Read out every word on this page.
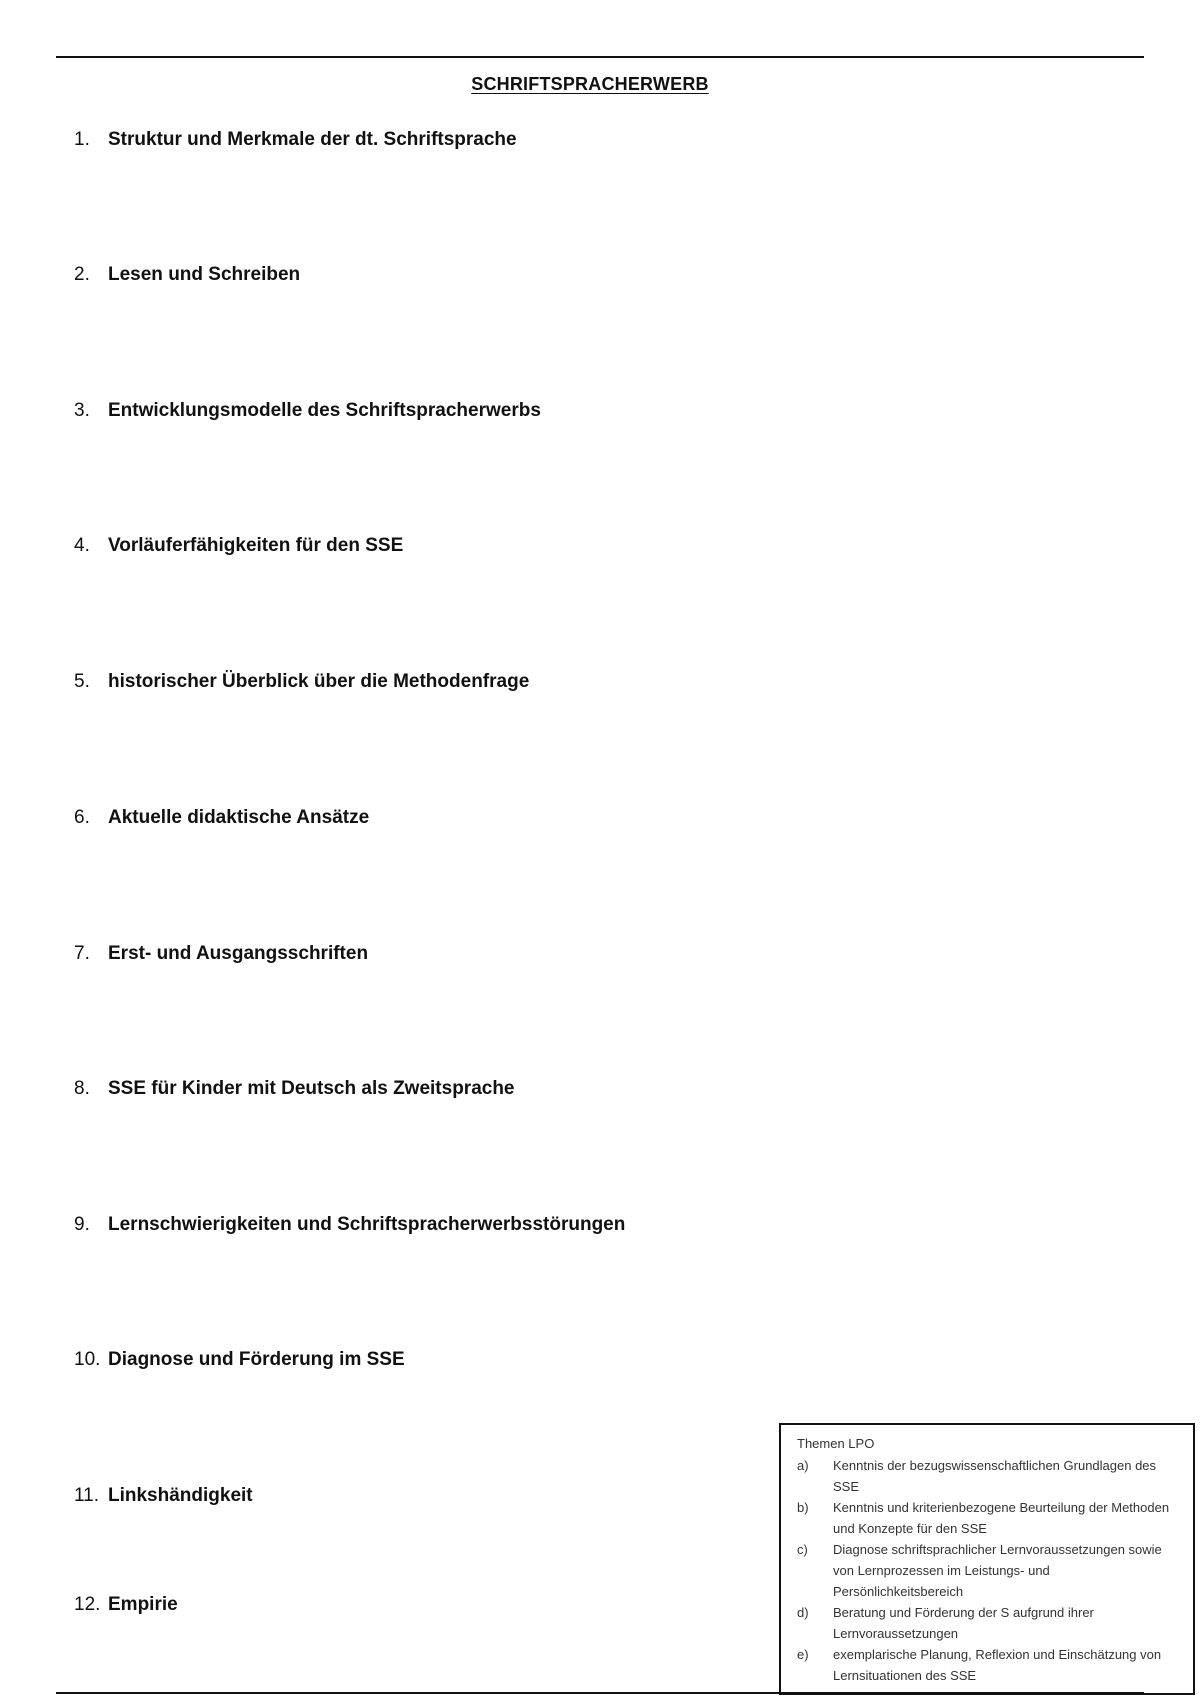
SCHRIFTSPRACHERWERB
1. Struktur und Merkmale der dt. Schriftsprache
2. Lesen und Schreiben
3. Entwicklungsmodelle des Schriftspracherwerbs
4. Vorläuferfähigkeiten für den SSE
5. historischer Überblick über die Methodenfrage
6. Aktuelle didaktische Ansätze
7. Erst- und Ausgangsschriften
8. SSE für Kinder mit Deutsch als Zweitsprache
9. Lernschwierigkeiten und Schriftspracherwerbsstörungen
10. Diagnose und Förderung im SSE
11. Linkshändigkeit
12. Empirie
Themen LPO
a)	Kenntnis der bezugswissenschaftlichen Grundlagen des SSE
b)	Kenntnis und kriterienbezogene Beurteilung der Methoden und Konzepte für den SSE
c)	Diagnose schriftsprachlicher Lernvoraussetzungen sowie von Lernprozessen im Leistungs- und Persönlichkeitsbereich
d)	Beratung und Förderung der S aufgrund ihrer Lernvoraussetzungen
e)	exemplarische Planung, Reflexion und Einschätzung von Lernsituationen des SSE
